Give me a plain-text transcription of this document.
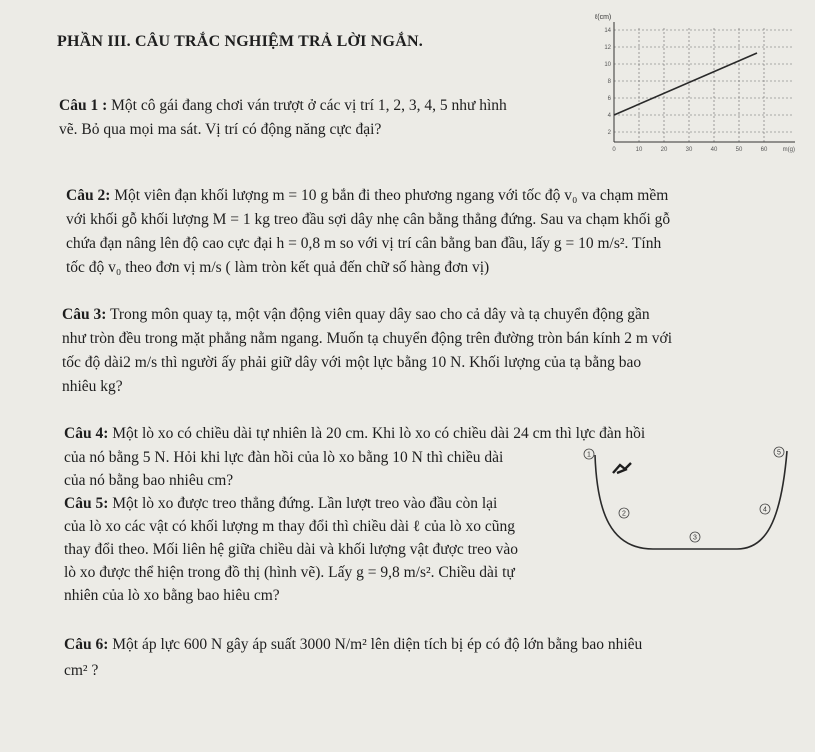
PHẦN III. CÂU TRẮC NGHIỆM TRẢ LỜI NGẮN.
Câu 1 : Một cô gái đang chơi ván trượt ở các vị trí 1, 2, 3, 4, 5 như hình
vẽ. Bỏ qua mọi ma sát. Vị trí có động năng cực đại?
ℓ(cm)
14
12
10
8
6
4
2
0	10	20	30	40	50	60	m(g)
Câu 2: Một viên đạn khối lượng m = 10 g bắn đi theo phương ngang với tốc độ v₀ va chạm mềm
với khối gỗ khối lượng M = 1 kg treo đầu sợi dây nhẹ cân bằng thẳng đứng. Sau va chạm khối gỗ
chứa đạn nâng lên độ cao cực đại h = 0,8 m so với vị trí cân bằng ban đầu, lấy g = 10 m/s². Tính
tốc độ v₀ theo đơn vị m/s ( làm tròn kết quả đến chữ số hàng đơn vị)
Câu 3: Trong môn quay tạ, một vận động viên quay dây sao cho cả dây và tạ chuyển động gần
như tròn đều trong mặt phẳng nằm ngang. Muốn tạ chuyển động trên đường tròn bán kính 2 m với
tốc độ dài2 m/s thì người ấy phải giữ dây với một lực bằng 10 N. Khối lượng của tạ bằng bao
nhiêu kg?
Câu 4: Một lò xo có chiều dài tự nhiên là 20 cm. Khi lò xo có chiều dài 24 cm thì lực đàn hồi
của nó bằng 5 N. Hỏi khi lực đàn hồi của lò xo bằng 10 N thì chiều dài
của nó bằng bao nhiêu cm?
Câu 5: Một lò xo được treo thẳng đứng. Lần lượt treo vào đầu còn lại
của lò xo các vật có khối lượng m thay đổi thì chiều dài ℓ của lò xo cũng
thay đổi theo. Mối liên hệ giữa chiều dài và khối lượng vật được treo vào
lò xo được thể hiện trong đồ thị (hình vẽ). Lấy g = 9,8 m/s². Chiều dài tự
nhiên của lò xo bằng bao hiêu cm?
1
2
3
4
5
Câu 6: Một áp lực 600 N gây áp suất 3000 N/m² lên diện tích bị ép có độ lớn bằng bao nhiêu
cm² ?
